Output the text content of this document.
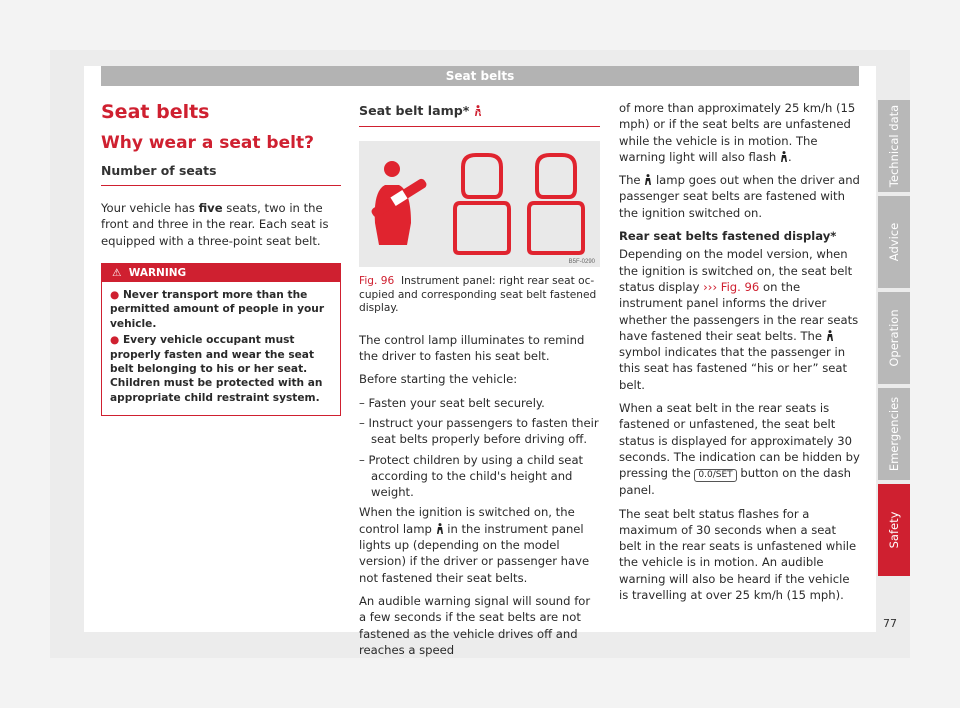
Seat belts
Seat belts
Why wear a seat belt?
Number of seats

Your vehicle has five seats, two in the front and three in the rear. Each seat is equipped with a three-point seat belt.

⚠ WARNING
● Never transport more than the permitted amount of people in your vehicle.
● Every vehicle occupant must properly fasten and wear the seat belt belonging to his or her seat. Children must be protected with an appropriate child restraint system.
Seat belt lamp*
B5F-0290
Fig. 96 Instrument panel: right rear seat occupied and corresponding seat belt fastened display.

The control lamp illuminates to remind the driver to fasten his seat belt.

Before starting the vehicle:

– Fasten your seat belt securely.
– Instruct your passengers to fasten their seat belts properly before driving off.
– Protect children by using a child seat according to the child's height and weight.

When the ignition is switched on, the control lamp in the instrument panel lights up (depending on the model version) if the driver or passenger have not fastened their seat belts.

An audible warning signal will sound for a few seconds if the seat belts are not fastened as the vehicle drives off and reaches a speed

of more than approximately 25 km/h (15 mph) or if the seat belts are unfastened while the vehicle is in motion. The warning light will also flash .

The lamp goes out when the driver and passenger seat belts are fastened with the ignition switched on.

Rear seat belts fastened display*

Depending on the model version, when the ignition is switched on, the seat belt status display ››› Fig. 96 on the instrument panel informs the driver whether the passengers in the rear seats have fastened their seat belts. The  symbol indicates that the passenger in this seat has fastened “his or her” seat belt.

When a seat belt in the rear seats is fastened or unfastened, the seat belt status is displayed for approximately 30 seconds. The indication can be hidden by pressing the 0.0/SET button on the dash panel.

The seat belt status flashes for a maximum of 30 seconds when a seat belt in the rear seats is unfastened while the vehicle is in motion. An audible warning will also be heard if the vehicle is travelling at over 25 km/h (15 mph).

Technical data
Advice
Operation
Emergencies
Safety
77
